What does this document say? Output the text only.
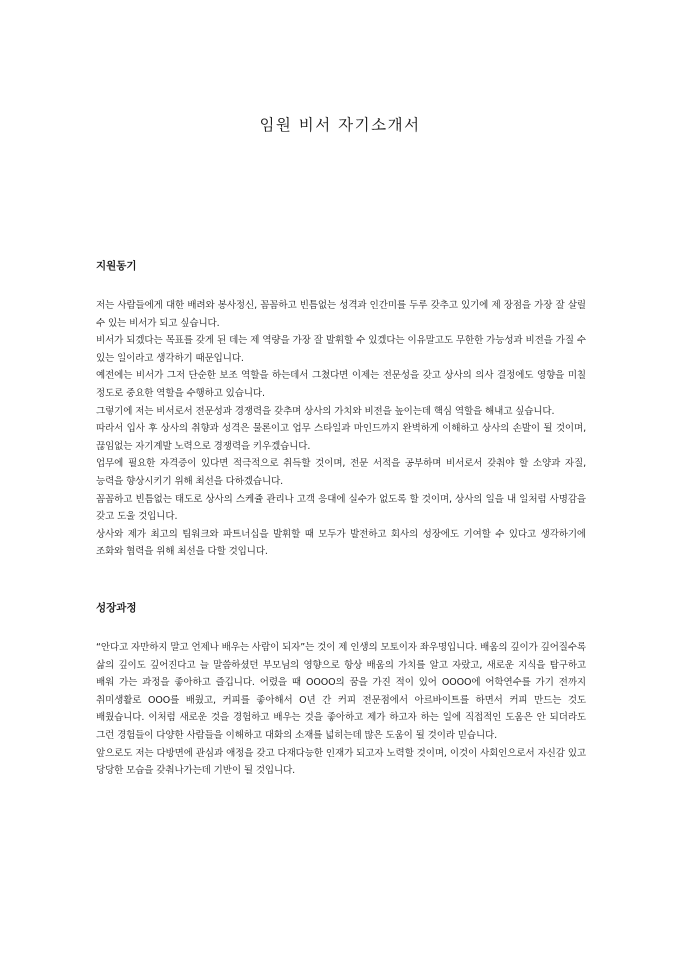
임원 비서 자기소개서
지원동기

저는 사람들에게 대한 배려와 봉사정신, 꼼꼼하고 빈틈없는 성격과 인간미를 두루 갖추고 있기에 제 장점을 가장 잘 살릴 수 있는 비서가 되고 싶습니다.

비서가 되겠다는 목표를 갖게 된 데는 제 역량을 가장 잘 발휘할 수 있겠다는 이유말고도 무한한 가능성과 비전을 가질 수 있는 일이라고 생각하기 때문입니다.

예전에는 비서가 그저 단순한 보조 역할을 하는데서 그쳤다면 이제는 전문성을 갖고 상사의 의사 결정에도 영향을 미칠 정도로 중요한 역할을 수행하고 있습니다.

그렇기에 저는 비서로서 전문성과 경쟁력을 갖추며 상사의 가치와 비전을 높이는데 핵심 역할을 해내고 싶습니다.

따라서 입사 후 상사의 취향과 성격은 물론이고 업무 스타일과 마인드까지 완벽하게 이해하고 상사의 손발이 될 것이며, 끊임없는 자기계발 노력으로 경쟁력을 키우겠습니다.

업무에 필요한 자격증이 있다면 적극적으로 취득할 것이며, 전문 서적을 공부하며 비서로서 갖춰야 할 소양과 자질, 능력을 향상시키기 위해 최선을 다하겠습니다.

꼼꼼하고 빈틈없는 태도로 상사의 스케쥴 관리나 고객 응대에 실수가 없도록 할 것이며, 상사의 일을 내 일처럼 사명감을 갖고 도울 것입니다.

상사와 제가 최고의 팀워크와 파트너십을 발휘할 때 모두가 발전하고 회사의 성장에도 기여할 수 있다고 생각하기에 조화와 협력을 위해 최선을 다할 것입니다.

성장과정

“안다고 자만하지 말고 언제나 배우는 사람이 되자”는 것이 제 인생의 모토이자 좌우명입니다. 배움의 깊이가 깊어질수록 삶의 깊이도 깊어진다고 늘 말씀하셨던 부모님의 영향으로 항상 배움의 가치를 알고 자랐고, 새로운 지식을 탐구하고 배워 가는 과정을 좋아하고 즐깁니다. 어렸을 때 OOOO의 꿈을 가진 적이 있어 OOOO에 어학연수를 가기 전까지 취미생활로 OOO를 배웠고, 커피를 좋아해서 O년 간 커피 전문점에서 아르바이트를 하면서 커피 만드는 것도 배웠습니다. 이처럼 새로운 것을 경험하고 배우는 것을 좋아하고 제가 하고자 하는 일에 직접적인 도움은 안 되더라도 그런 경험들이 다양한 사람들을 이해하고 대화의 소재를 넓히는데 많은 도움이 될 것이라 믿습니다.

앞으로도 저는 다방면에 관심과 애정을 갖고 다재다능한 인재가 되고자 노력할 것이며, 이것이 사회인으로서 자신감 있고 당당한 모습을 갖춰나가는데 기반이 될 것입니다.
